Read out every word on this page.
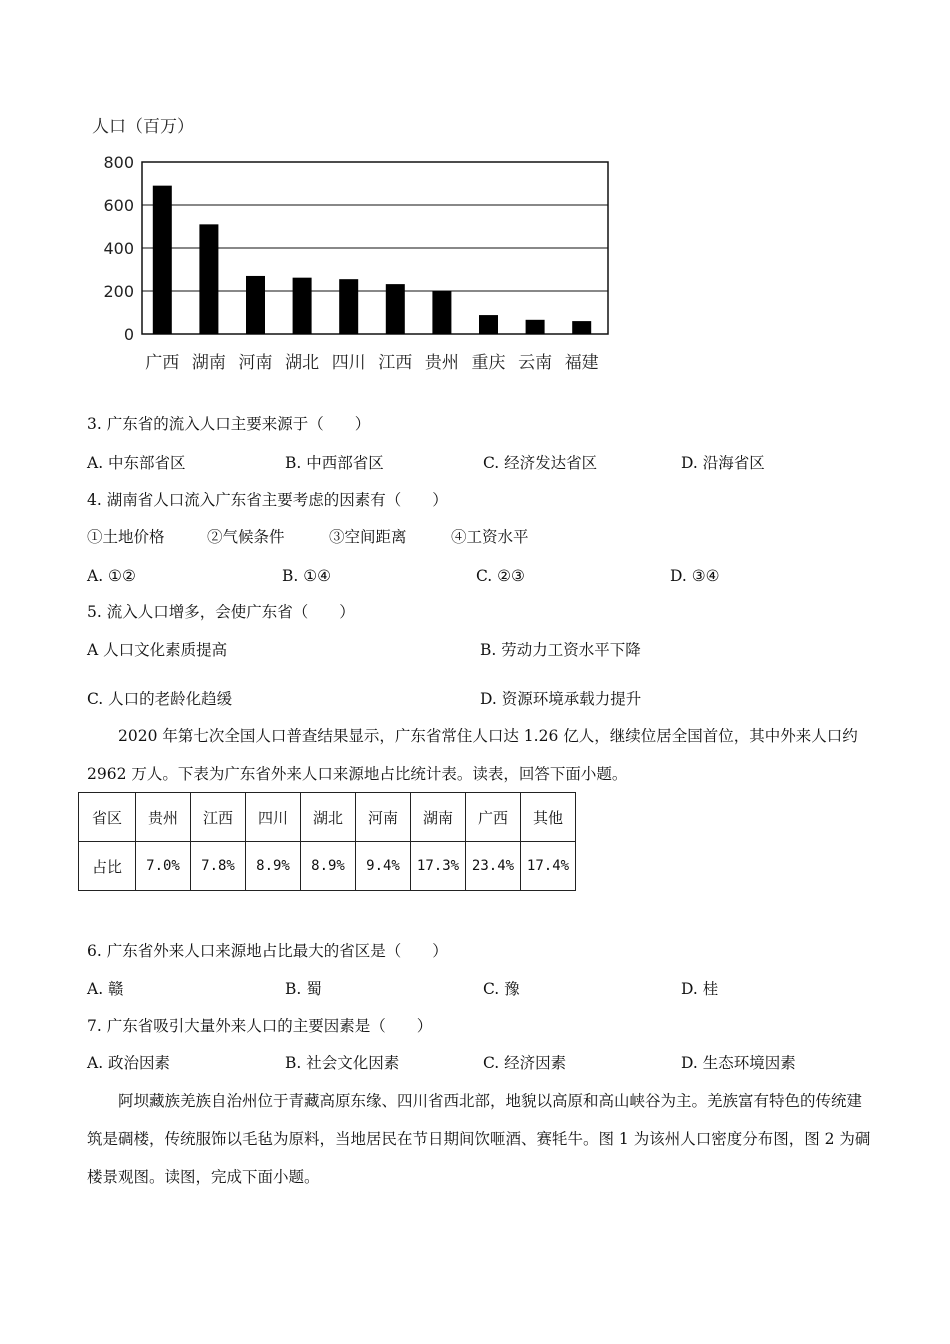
人口（百万）
0
200
400
600
800
广西 湖南 河南 湖北 四川 江西 贵州 重庆 云南 福建
3. 广东省的流入人口主要来源于（　　）
A. 中东部省区	B. 中西部省区	C. 经济发达省区	D. 沿海省区
4. 湖南省人口流入广东省主要考虑的因素有（　　）
①土地价格	②气候条件	③空间距离	④工资水平
A. ①②	B. ①④	C. ②③	D. ③④
5. 流入人口增多，会使广东省（　　）
A 人口文化素质提高	B. 劳动力工资水平下降
C. 人口的老龄化趋缓	D. 资源环境承载力提升
2020 年第七次全国人口普查结果显示，广东省常住人口达 1.26 亿人，继续位居全国首位，其中外来人口约 2962 万人。下表为广东省外来人口来源地占比统计表。读表，回答下面小题。
省区	贵州	江西	四川	湖北	河南	湖南	广西	其他
占比	7.0%	7.8%	8.9%	8.9%	9.4%	17.3%	23.4%	17.4%
6. 广东省外来人口来源地占比最大的省区是（　　）
A. 赣	B. 蜀	C. 豫	D. 桂
7. 广东省吸引大量外来人口的主要因素是（　　）
A. 政治因素	B. 社会文化因素	C. 经济因素	D. 生态环境因素
阿坝藏族羌族自治州位于青藏高原东缘、四川省西北部，地貌以高原和高山峡谷为主。羌族富有特色的传统建筑是碉楼，传统服饰以毛毡为原料，当地居民在节日期间饮咂酒、赛牦牛。图 1 为该州人口密度分布图，图 2 为碉楼景观图。读图，完成下面小题。
